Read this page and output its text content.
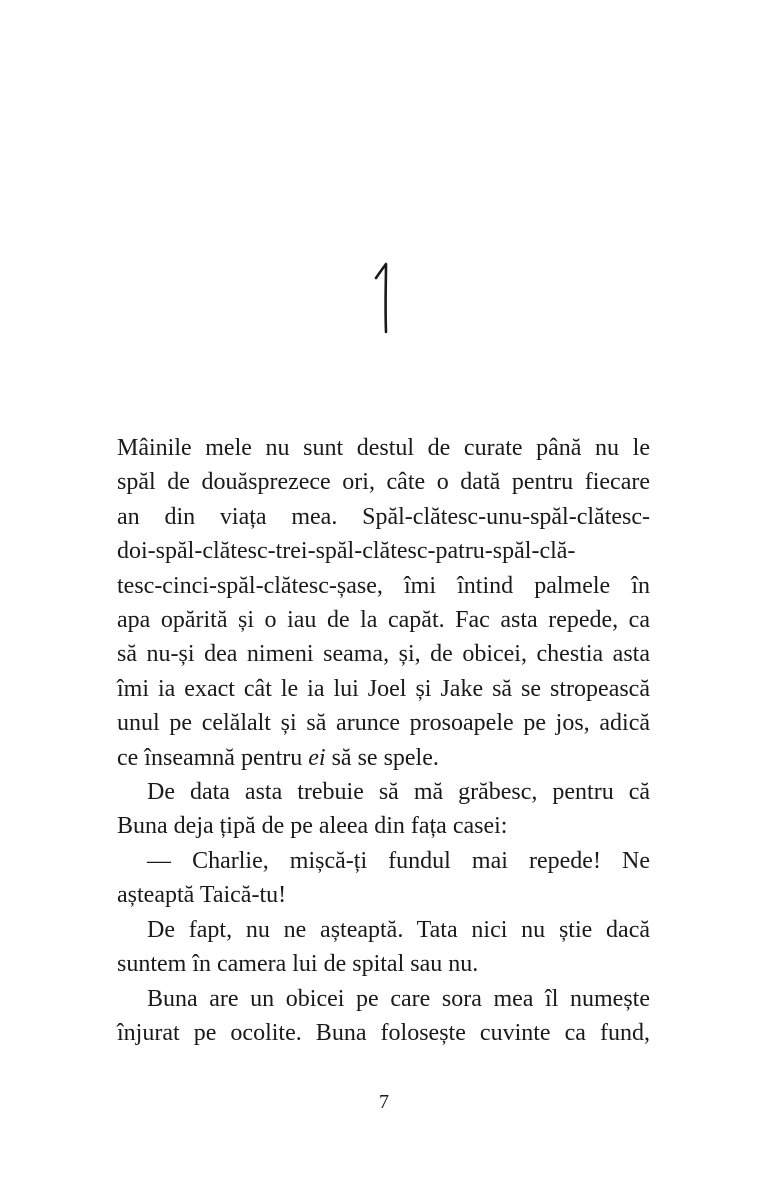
Mâinile mele nu sunt destul de curate până nu le
spăl de douăsprezece ori, câte o dată pentru fiecare
an din viața mea. Spăl-clătesc-unu-spăl-clătesc-
doi-spăl-clătesc-trei-spăl-clătesc-patru-spăl-clă-
tesc-cinci-spăl-clătesc-șase, îmi întind palmele în
apa opărită și o iau de la capăt. Fac asta repede, ca
să nu-și dea nimeni seama, și, de obicei, chestia asta
îmi ia exact cât le ia lui Joel și Jake să se stropească
unul pe celălalt și să arunce prosoapele pe jos, adică
ce înseamnă pentru ei să se spele.
De data asta trebuie să mă grăbesc, pentru că
Buna deja țipă de pe aleea din fața casei:
— Charlie, mișcă-ți fundul mai repede! Ne
așteaptă Taică-tu!
De fapt, nu ne așteaptă. Tata nici nu știe dacă
suntem în camera lui de spital sau nu.
Buna are un obicei pe care sora mea îl numește
înjurat pe ocolite. Buna folosește cuvinte ca fund,
7
